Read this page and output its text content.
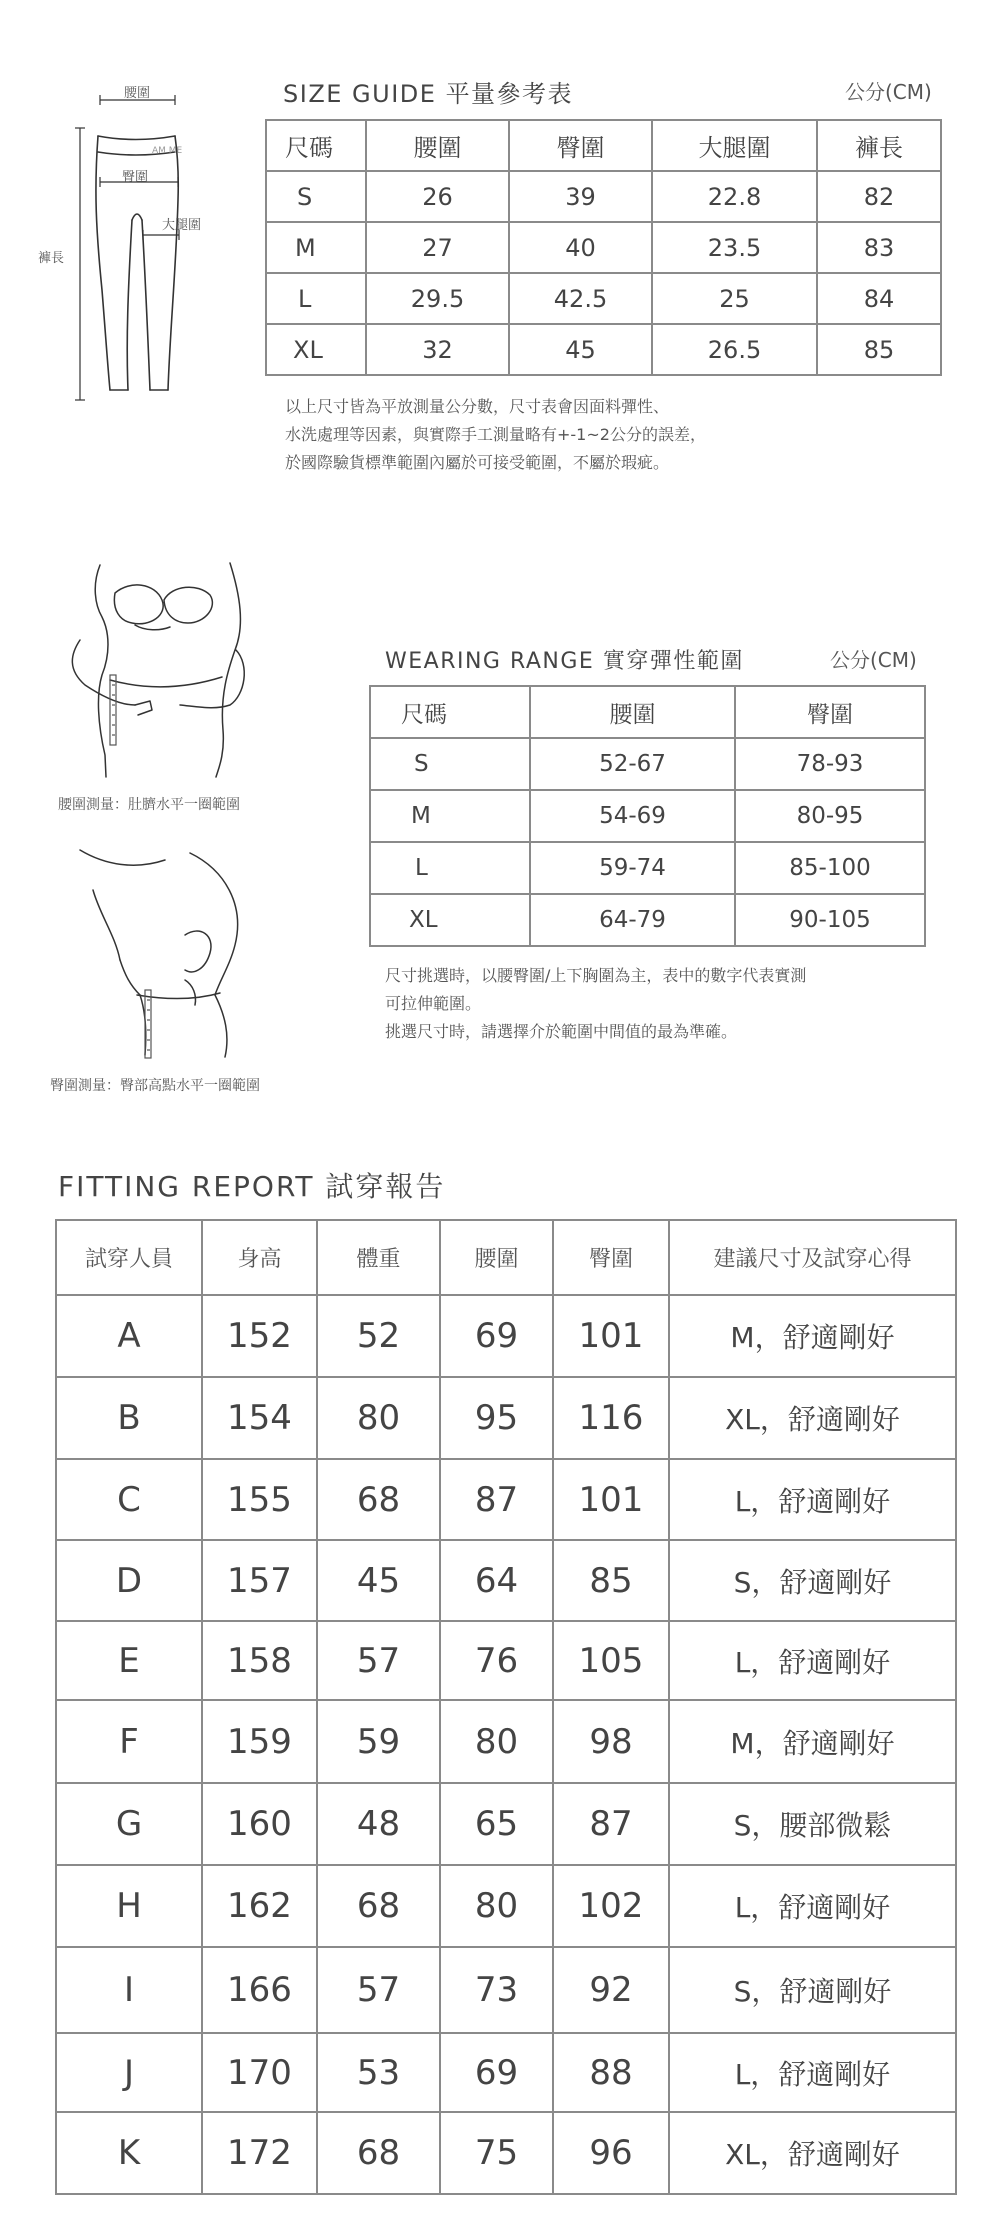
腰圍
AM ME
臀圍
大腿圍
褲長
SIZE GUIDE 平量參考表	公分(CM)
尺碼	腰圍	臀圍	大腿圍	褲長
S	26	39	22.8	82
M	27	40	23.5	83
L	29.5	42.5	25	84
XL	32	45	26.5	85
以上尺寸皆為平放測量公分數，尺寸表會因面料彈性、
水洗處理等因素，與實際手工測量略有+-1~2公分的誤差，
於國際驗貨標準範圍內屬於可接受範圍，不屬於瑕疵。
腰圍測量：肚臍水平一圈範圍
臀圍測量：臀部高點水平一圈範圍
WEARING RANGE 實穿彈性範圍	公分(CM)
尺碼	腰圍	臀圍
S	52-67	78-93
M	54-69	80-95
L	59-74	85-100
XL	64-79	90-105
尺寸挑選時，以腰臀圍/上下胸圍為主，表中的數字代表實測
可拉伸範圍。
挑選尺寸時，請選擇介於範圍中間值的最為準確。
FITTING REPORT 試穿報告
試穿人員	身高	體重	腰圍	臀圍	建議尺寸及試穿心得
A	152	52	69	101	M，舒適剛好
B	154	80	95	116	XL，舒適剛好
C	155	68	87	101	L，舒適剛好
D	157	45	64	85	S，舒適剛好
E	158	57	76	105	L，舒適剛好
F	159	59	80	98	M，舒適剛好
G	160	48	65	87	S，腰部微鬆
H	162	68	80	102	L，舒適剛好
I	166	57	73	92	S，舒適剛好
J	170	53	69	88	L，舒適剛好
K	172	68	75	96	XL，舒適剛好
